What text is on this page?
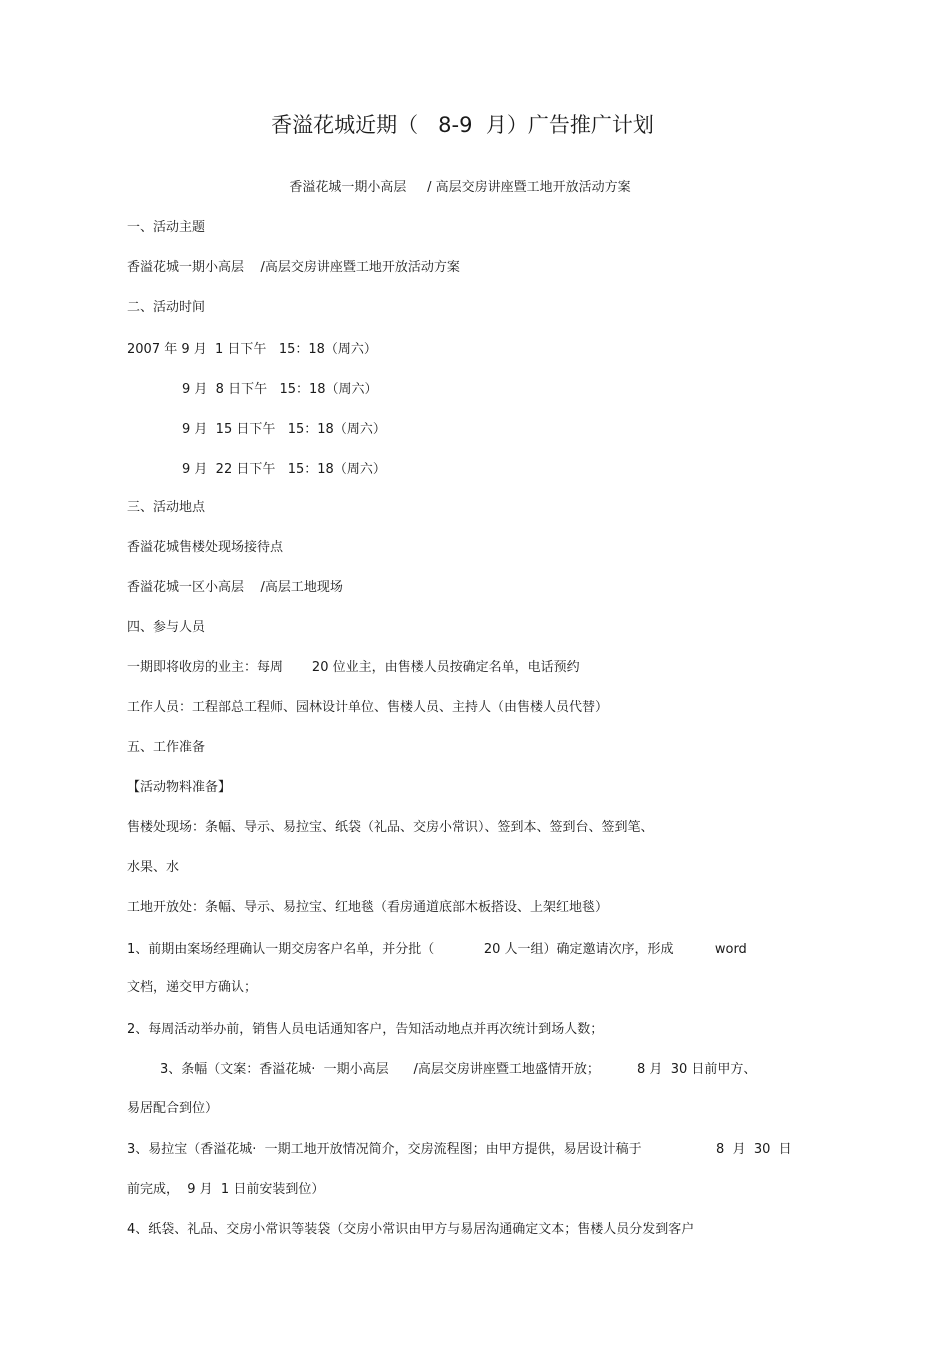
香溢花城近期（   8-9  月）广告推广计划
香溢花城一期小高层     / 高层交房讲座暨工地开放活动方案
一、活动主题
香溢花城一期小高层    /高层交房讲座暨工地开放活动方案
二、活动时间
2007 年 9 月  1 日下午   15：18（周六）
9 月  8 日下午   15：18（周六）
9 月  15 日下午   15：18（周六）
9 月  22 日下午   15：18（周六）
三、活动地点
香溢花城售楼处现场接待点
香溢花城一区小高层    /高层工地现场
四、参与人员
一期即将收房的业主：每周       20 位业主，由售楼人员按确定名单，电话预约
工作人员：工程部总工程师、园林设计单位、售楼人员、主持人（由售楼人员代替）
五、工作准备
【活动物料准备】
售楼处现场：条幅、导示、易拉宝、纸袋（礼品、交房小常识）、签到本、签到台、签到笔、
水果、水
工地开放处：条幅、导示、易拉宝、红地毯（看房通道底部木板搭设、上架红地毯）
1、前期由案场经理确认一期交房客户名单，并分批（            20 人一组）确定邀请次序，形成          word
文档，递交甲方确认；
2、每周活动举办前，销售人员电话通知客户，告知活动地点并再次统计到场人数；
3、条幅（文案：香溢花城·  一期小高层      /高层交房讲座暨工地盛情开放；         8 月  30 日前甲方、
易居配合到位）
3、易拉宝（香溢花城·  一期工地开放情况简介，交房流程图；由甲方提供，易居设计稿于                  8  月  30  日
前完成，  9 月  1 日前安装到位）
4、纸袋、礼品、交房小常识等装袋（交房小常识由甲方与易居沟通确定文本；售楼人员分发到客户
